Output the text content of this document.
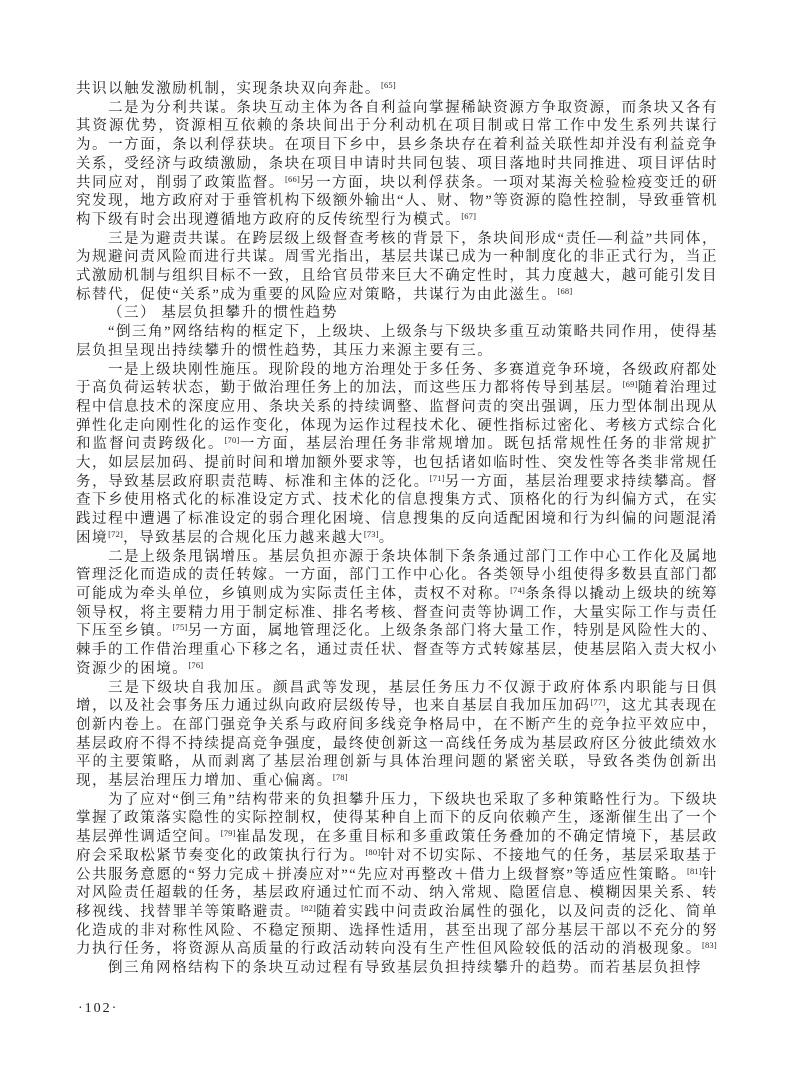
共识以触发激励机制，实现条块双向奔赴。[65]

二是为分利共谋。条块互动主体为各自利益向掌握稀缺资源方争取资源，而条块又各有其资源优势，资源相互依赖的条块间出于分利动机在项目制或日常工作中发生系列共谋行为。一方面，条以利俘获块。在项目下乡中，县乡条块存在着利益关联性却并没有利益竞争关系，受经济与政绩激励，条块在项目申请时共同包装、项目落地时共同推进、项目评估时共同应对，削弱了政策监督。[66]另一方面，块以利俘获条。一项对某海关检验检疫变迁的研究发现，地方政府对于垂管机构下级额外输出“人、财、物”等资源的隐性控制，导致垂管机构下级有时会出现遵循地方政府的反传统型行为模式。[67]

三是为避责共谋。在跨层级上级督查考核的背景下，条块间形成“责任—利益”共同体，为规避问责风险而进行共谋。周雪光指出，基层共谋已成为一种制度化的非正式行为，当正式激励机制与组织目标不一致，且给官员带来巨大不确定性时，其力度越大，越可能引发目标替代，促使“关系”成为重要的风险应对策略，共谋行为由此滋生。[68]

（三） 基层负担攀升的惯性趋势

“倒三角”网络结构的框定下，上级块、上级条与下级块多重互动策略共同作用，使得基层负担呈现出持续攀升的惯性趋势，其压力来源主要有三。

一是上级块刚性施压。现阶段的地方治理处于多任务、多赛道竞争环境，各级政府都处于高负荷运转状态，勤于做治理任务上的加法，而这些压力都将传导到基层。[69]随着治理过程中信息技术的深度应用、条块关系的持续调整、监督问责的突出强调，压力型体制出现从弹性化走向刚性化的运作变化，体现为运作过程技术化、硬性指标过密化、考核方式综合化和监督问责跨级化。[70]一方面，基层治理任务非常规增加。既包括常规性任务的非常规扩大，如层层加码、提前时间和增加额外要求等，也包括诸如临时性、突发性等各类非常规任务，导致基层政府职责范畴、标准和主体的泛化。[71]另一方面，基层治理要求持续攀高。督查下乡使用格式化的标准设定方式、技术化的信息搜集方式、顶格化的行为纠偏方式，在实践过程中遭遇了标准设定的弱合理化困境、信息搜集的反向适配困境和行为纠偏的问题混淆困境[72]，导致基层的合规化压力越来越大[73]。

二是上级条甩锅增压。基层负担亦源于条块体制下条条通过部门工作中心工作化及属地管理泛化而造成的责任转嫁。一方面，部门工作中心化。各类领导小组使得多数县直部门都可能成为牵头单位，乡镇则成为实际责任主体，责权不对称。[74]条条得以撬动上级块的统筹领导权，将主要精力用于制定标准、排名考核、督查问责等协调工作，大量实际工作与责任下压至乡镇。[75]另一方面，属地管理泛化。上级条条部门将大量工作，特别是风险性大的、棘手的工作借治理重心下移之名，通过责任状、督查等方式转嫁基层，使基层陷入责大权小资源少的困境。[76]

三是下级块自我加压。颜昌武等发现，基层任务压力不仅源于政府体系内职能与日俱增，以及社会事务压力通过纵向政府层级传导，也来自基层自我加压加码[77]，这尤其表现在创新内卷上。在部门强竞争关系与政府间多线竞争格局中，在不断产生的竞争拉平效应中，基层政府不得不持续提高竞争强度，最终使创新这一高线任务成为基层政府区分彼此绩效水平的主要策略，从而剥离了基层治理创新与具体治理问题的紧密关联，导致各类伪创新出现，基层治理压力增加、重心偏离。[78]

为了应对“倒三角”结构带来的负担攀升压力，下级块也采取了多种策略性行为。下级块掌握了政策落实隐性的实际控制权，使得某种自上而下的反向依赖产生，逐渐催生出了一个基层弹性调适空间。[79]崔晶发现，在多重目标和多重政策任务叠加的不确定情境下，基层政府会采取松紧节奏变化的政策执行行为。[80]针对不切实际、不接地气的任务，基层采取基于公共服务意愿的“努力完成＋拼凑应对”“先应对再整改＋借力上级督察”等适应性策略。[81]针对风险责任超载的任务，基层政府通过忙而不动、纳入常规、隐匿信息、模糊因果关系、转移视线、找替罪羊等策略避责。[82]随着实践中问责政治属性的强化，以及问责的泛化、简单化造成的非对称性风险、不稳定预期、选择性适用，甚至出现了部分基层干部以不充分的努力执行任务，将资源从高质量的行政活动转向没有生产性但风险较低的活动的消极现象。[83]

倒三角网格结构下的条块互动过程有导致基层负担持续攀升的趋势。而若基层负担悖

·102·
